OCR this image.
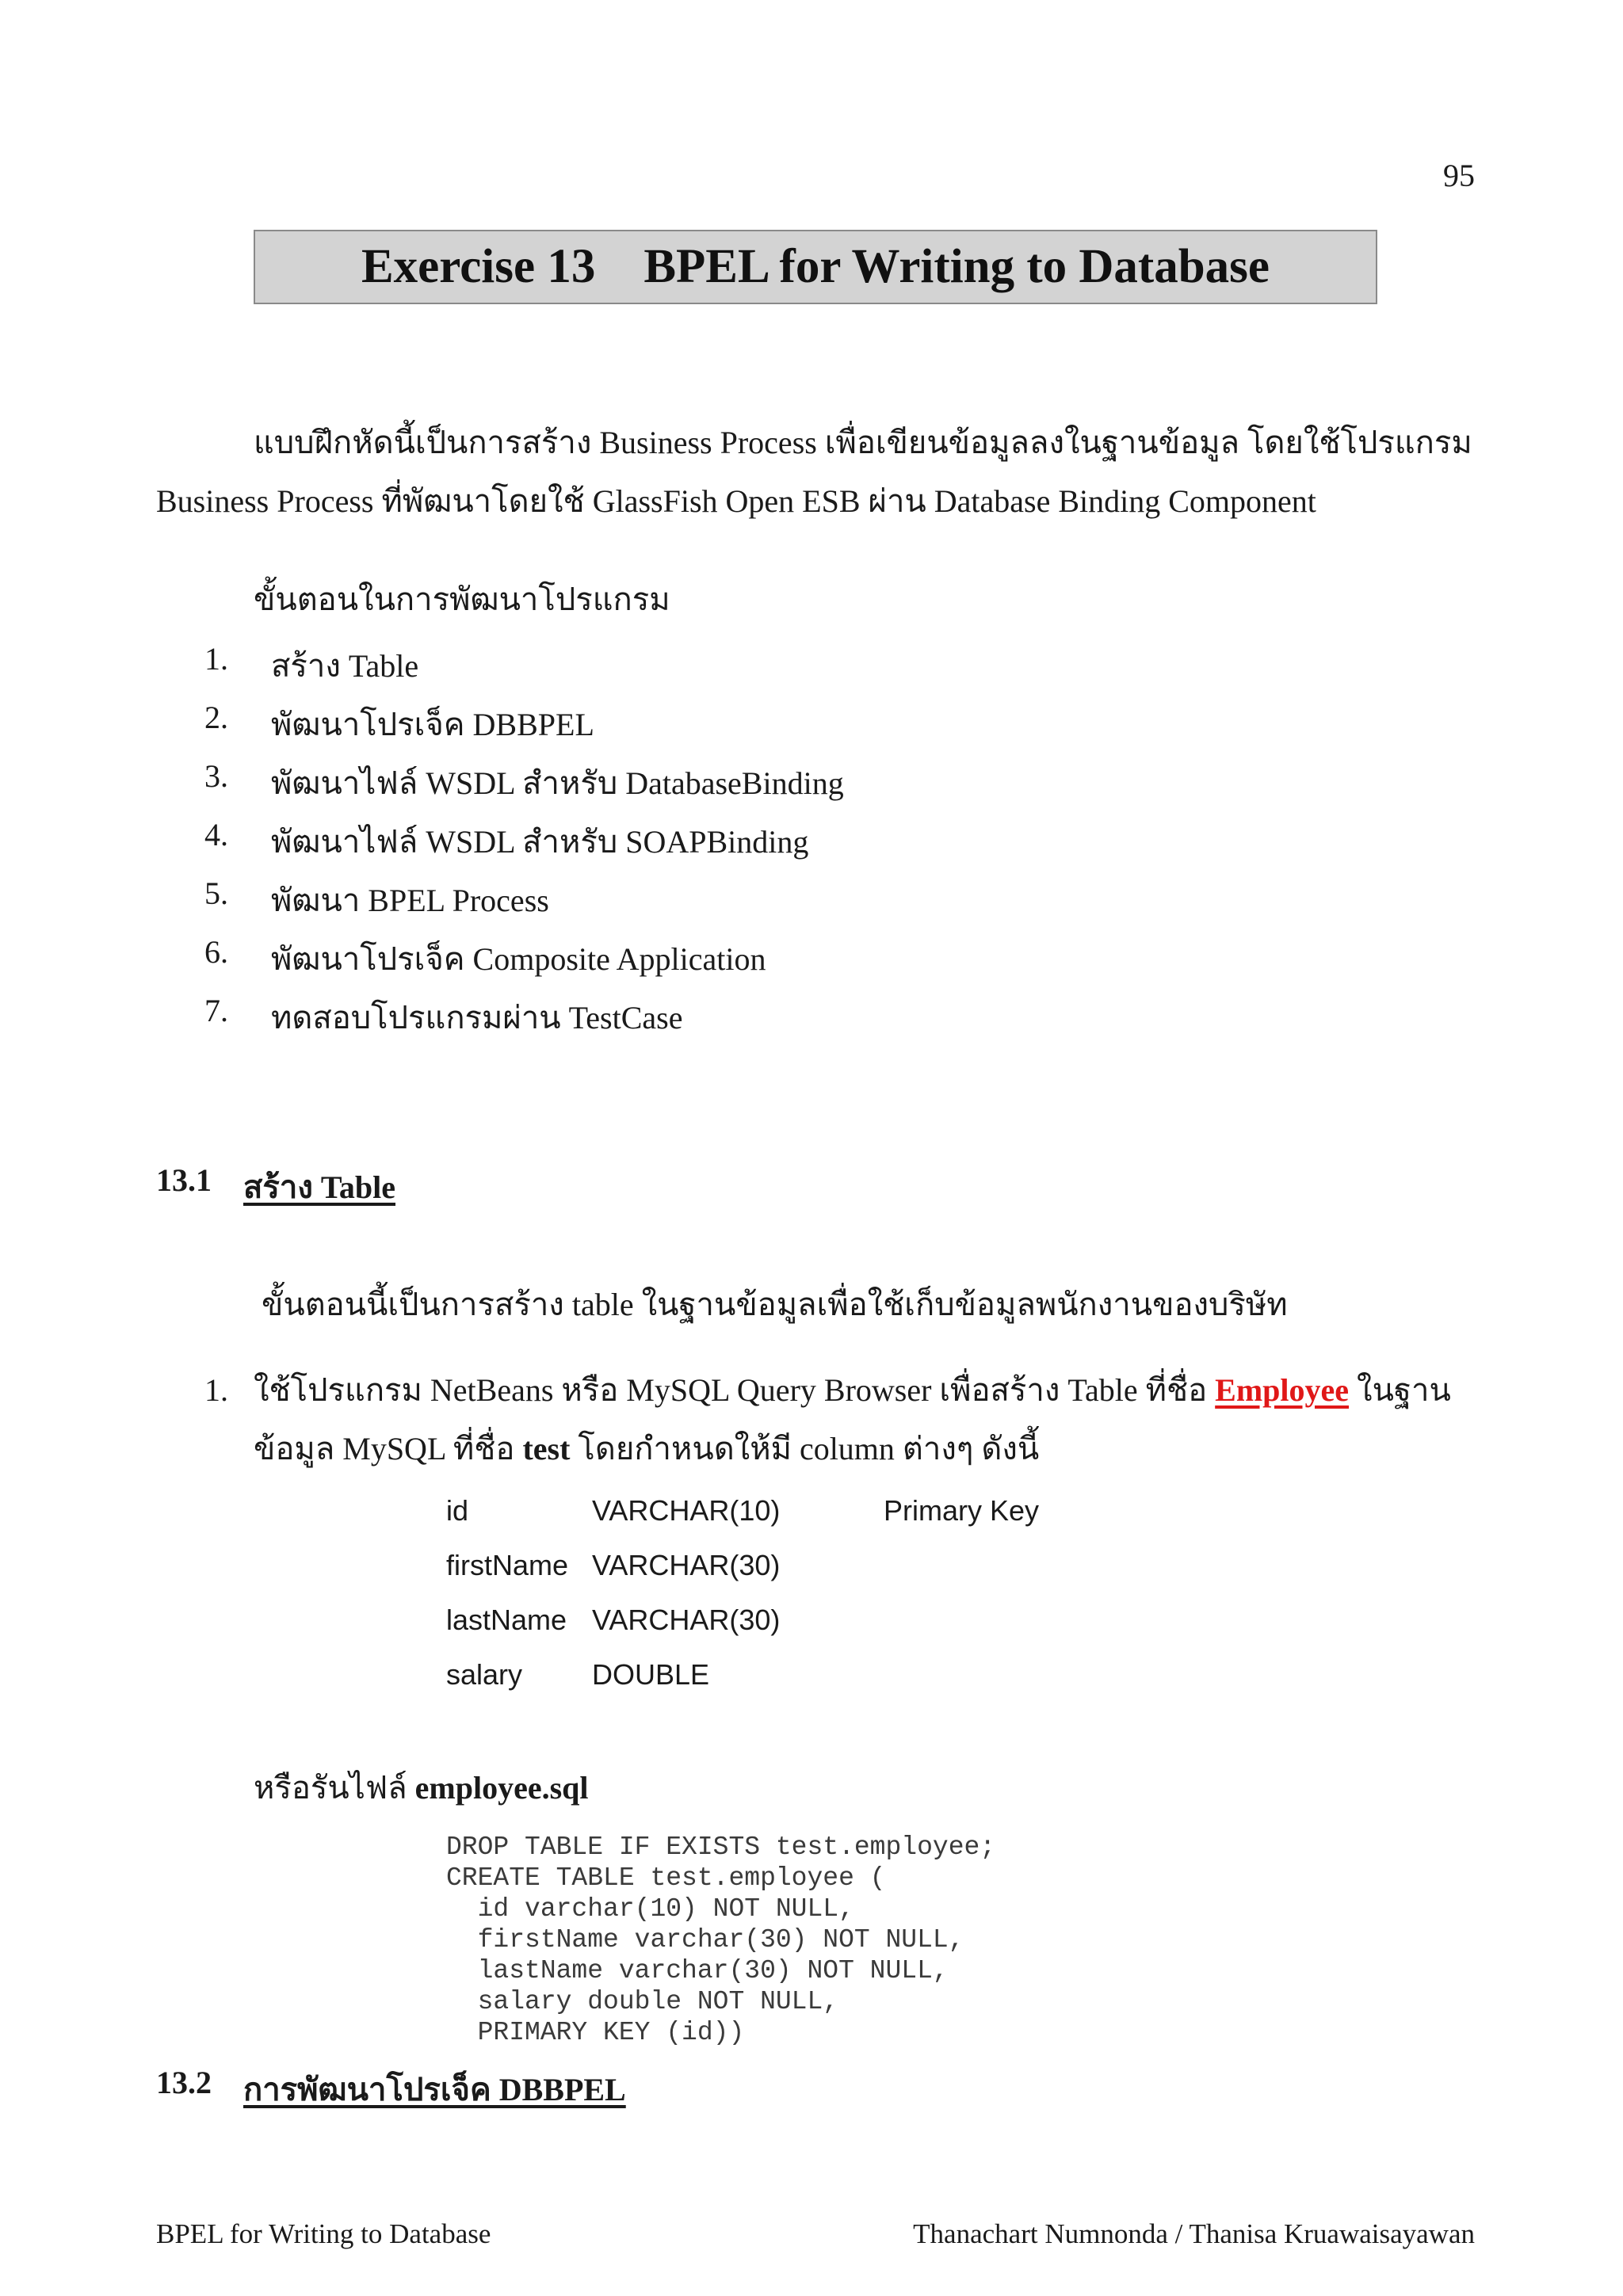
95
Exercise 13    BPEL for Writing to Database
แบบฝึกหัดนี้เป็นการสร้าง Business Process เพื่อเขียนข้อมูลลงในฐานข้อมูล โดยใช้โปรแกรม
Business Process ที่พัฒนาโดยใช้ GlassFish Open ESB ผ่าน Database Binding Component
ขั้นตอนในการพัฒนาโปรแกรม
1. สร้าง Table
2. พัฒนาโปรเจ็ค DBBPEL
3. พัฒนาไฟล์ WSDL สำหรับ DatabaseBinding
4. พัฒนาไฟล์ WSDL สำหรับ SOAPBinding
5. พัฒนา BPEL Process
6. พัฒนาโปรเจ็ค Composite Application
7. ทดสอบโปรแกรมผ่าน TestCase
13.1 สร้าง Table
ขั้นตอนนี้เป็นการสร้าง table ในฐานข้อมูลเพื่อใช้เก็บข้อมูลพนักงานของบริษัท
1. ใช้โปรแกรม NetBeans หรือ MySQL Query Browser เพื่อสร้าง Table ที่ชื่อ Employee ในฐาน
ข้อมูล MySQL ที่ชื่อ test โดยกำหนดให้มี column ต่างๆ ดังนี้
id	VARCHAR(10)	Primary Key
firstName VARCHAR(30)
lastName VARCHAR(30)
salary DOUBLE
หรือรันไฟล์ employee.sql
DROP TABLE IF EXISTS test.employee;
CREATE TABLE test.employee (
id varchar(10) NOT NULL,
firstName varchar(30) NOT NULL,
lastName varchar(30) NOT NULL,
salary double NOT NULL,
PRIMARY KEY (id))
13.2 การพัฒนาโปรเจ็ค DBBPEL
BPEL for Writing to Database	Thanachart Numnonda / Thanisa Kruawaisayawan
